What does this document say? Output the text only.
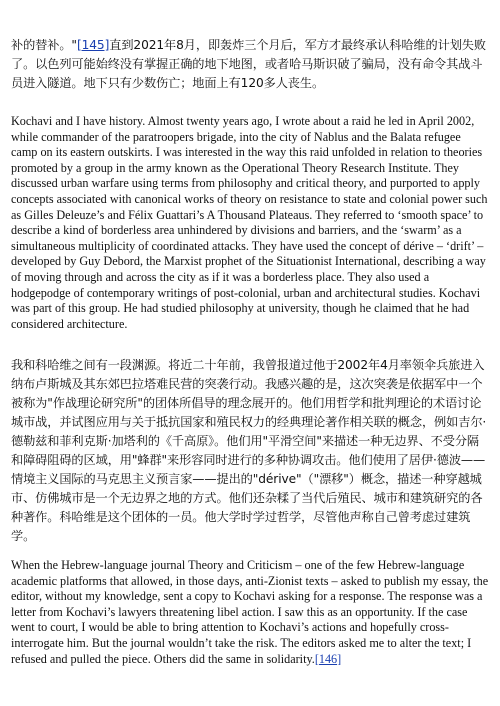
补的替补。"[145]直到2021年8月，即轰炸三个月后，军方才最终承认科哈维的计划失败了。以色列可能始终没有掌握正确的地下地图，或者哈马斯识破了骗局，没有命令其战斗员进入隧道。地下只有少数伤亡；地面上有120多人丧生。

Kochavi and I have history. Almost twenty years ago, I wrote about a raid he led in April 2002, while commander of the paratroopers brigade, into the city of Nablus and the Balata refugee camp on its eastern outskirts. I was interested in the way this raid unfolded in relation to theories promoted by a group in the army known as the Operational Theory Research Institute. They discussed urban warfare using terms from philosophy and critical theory, and purported to apply concepts associated with canonical works of theory on resistance to state and colonial power such as Gilles Deleuze’s and Félix Guattari’s A Thousand Plateaus. They referred to ‘smooth space’ to describe a kind of borderless area unhindered by divisions and barriers, and the ‘swarm’ as a simultaneous multiplicity of coordinated attacks. They have used the concept of dérive – ‘drift’ – developed by Guy Debord, the Marxist prophet of the Situationist International, describing a way of moving through and across the city as if it was a borderless place. They also used a hodgepodge of contemporary writings of post-colonial, urban and architectural studies. Kochavi was part of this group. He had studied philosophy at university, though he claimed that he had considered architecture.

我和科哈维之间有一段渊源。将近二十年前，我曾报道过他于2002年4月率领伞兵旅进入纳布卢斯城及其东郊巴拉塔难民营的突袭行动。我感兴趣的是，这次突袭是依据军中一个被称为"作战理论研究所"的团体所倡导的理念展开的。他们用哲学和批判理论的术语讨论城市战，并试图应用与关于抵抗国家和殖民权力的经典理论著作相关联的概念，例如吉尔·德勒兹和菲利克斯·加塔利的《千高原》。他们用"平滑空间"来描述一种无边界、不受分隔和障碍阻碍的区域，用"蜂群"来形容同时进行的多种协调攻击。他们使用了居伊·德波——情境主义国际的马克思主义预言家——提出的"dérive"（"漂移"）概念，描述一种穿越城市、仿佛城市是一个无边界之地的方式。他们还杂糅了当代后殖民、城市和建筑研究的各种著作。科哈维是这个团体的一员。他大学时学过哲学，尽管他声称自己曾考虑过建筑学。

When the Hebrew-language journal Theory and Criticism – one of the few Hebrew-language academic platforms that allowed, in those days, anti-Zionist texts – asked to publish my essay, the editor, without my knowledge, sent a copy to Kochavi asking for a response. The response was a letter from Kochavi’s lawyers threatening libel action. I saw this as an opportunity. If the case went to court, I would be able to bring attention to Kochavi’s actions and hopefully cross-interrogate him. But the journal wouldn’t take the risk. The editors asked me to alter the text; I refused and pulled the piece. Others did the same in solidarity.[146]
